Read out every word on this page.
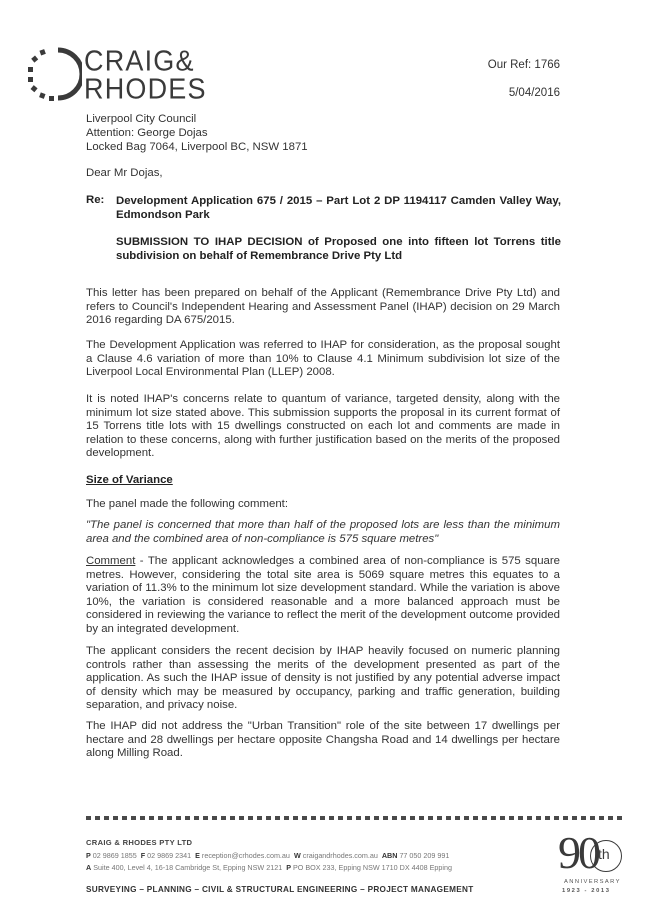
CRAIG&
RHODES
Our Ref: 1766
5/04/2016
Liverpool City Council
Attention: George Dojas
Locked Bag 7064, Liverpool BC, NSW 1871
Dear Mr Dojas,
Re: Development Application 675 / 2015 – Part Lot 2 DP 1194117 Camden Valley Way, Edmondson Park
SUBMISSION TO IHAP DECISION of Proposed one into fifteen lot Torrens title subdivision on behalf of Remembrance Drive Pty Ltd

This letter has been prepared on behalf of the Applicant (Remembrance Drive Pty Ltd) and refers to Council's Independent Hearing and Assessment Panel (IHAP) decision on 29 March 2016 regarding DA 675/2015.

The Development Application was referred to IHAP for consideration, as the proposal sought a Clause 4.6 variation of more than 10% to Clause 4.1 Minimum subdivision lot size of the Liverpool Local Environmental Plan (LLEP) 2008.

It is noted IHAP's concerns relate to quantum of variance, targeted density, along with the minimum lot size stated above. This submission supports the proposal in its current format of 15 Torrens title lots with 15 dwellings constructed on each lot and comments are made in relation to these concerns, along with further justification based on the merits of the proposed development.

Size of Variance

The panel made the following comment:

"The panel is concerned that more than half of the proposed lots are less than the minimum area and the combined area of non-compliance is 575 square metres"

Comment - The applicant acknowledges a combined area of non-compliance is 575 square metres. However, considering the total site area is 5069 square metres this equates to a variation of 11.3% to the minimum lot size development standard. While the variation is above 10%, the variation is considered reasonable and a more balanced approach must be considered in reviewing the variance to reflect the merit of the development outcome provided by an integrated development.

The applicant considers the recent decision by IHAP heavily focused on numeric planning controls rather than assessing the merits of the development presented as part of the application. As such the IHAP issue of density is not justified by any potential adverse impact of density which may be measured by occupancy, parking and traffic generation, building separation, and privacy noise.

The IHAP did not address the "Urban Transition" role of the site between 17 dwellings per hectare and 28 dwellings per hectare opposite Changsha Road and 14 dwellings per hectare along Milling Road.

CRAIG & RHODES PTY LTD
P 02 9869 1855 F 02 9869 2341 E reception@crhodes.com.au W craigandrhodes.com.au ABN 77 050 209 991
A Suite 400, Level 4, 16-18 Cambridge St, Epping NSW 2121 P PO BOX 233, Epping NSW 1710 DX 4408 Epping
SURVEYING – PLANNING – CIVIL & STRUCTURAL ENGINEERING – PROJECT MANAGEMENT
90 th
ANNIVERSARY
1923 - 2013
